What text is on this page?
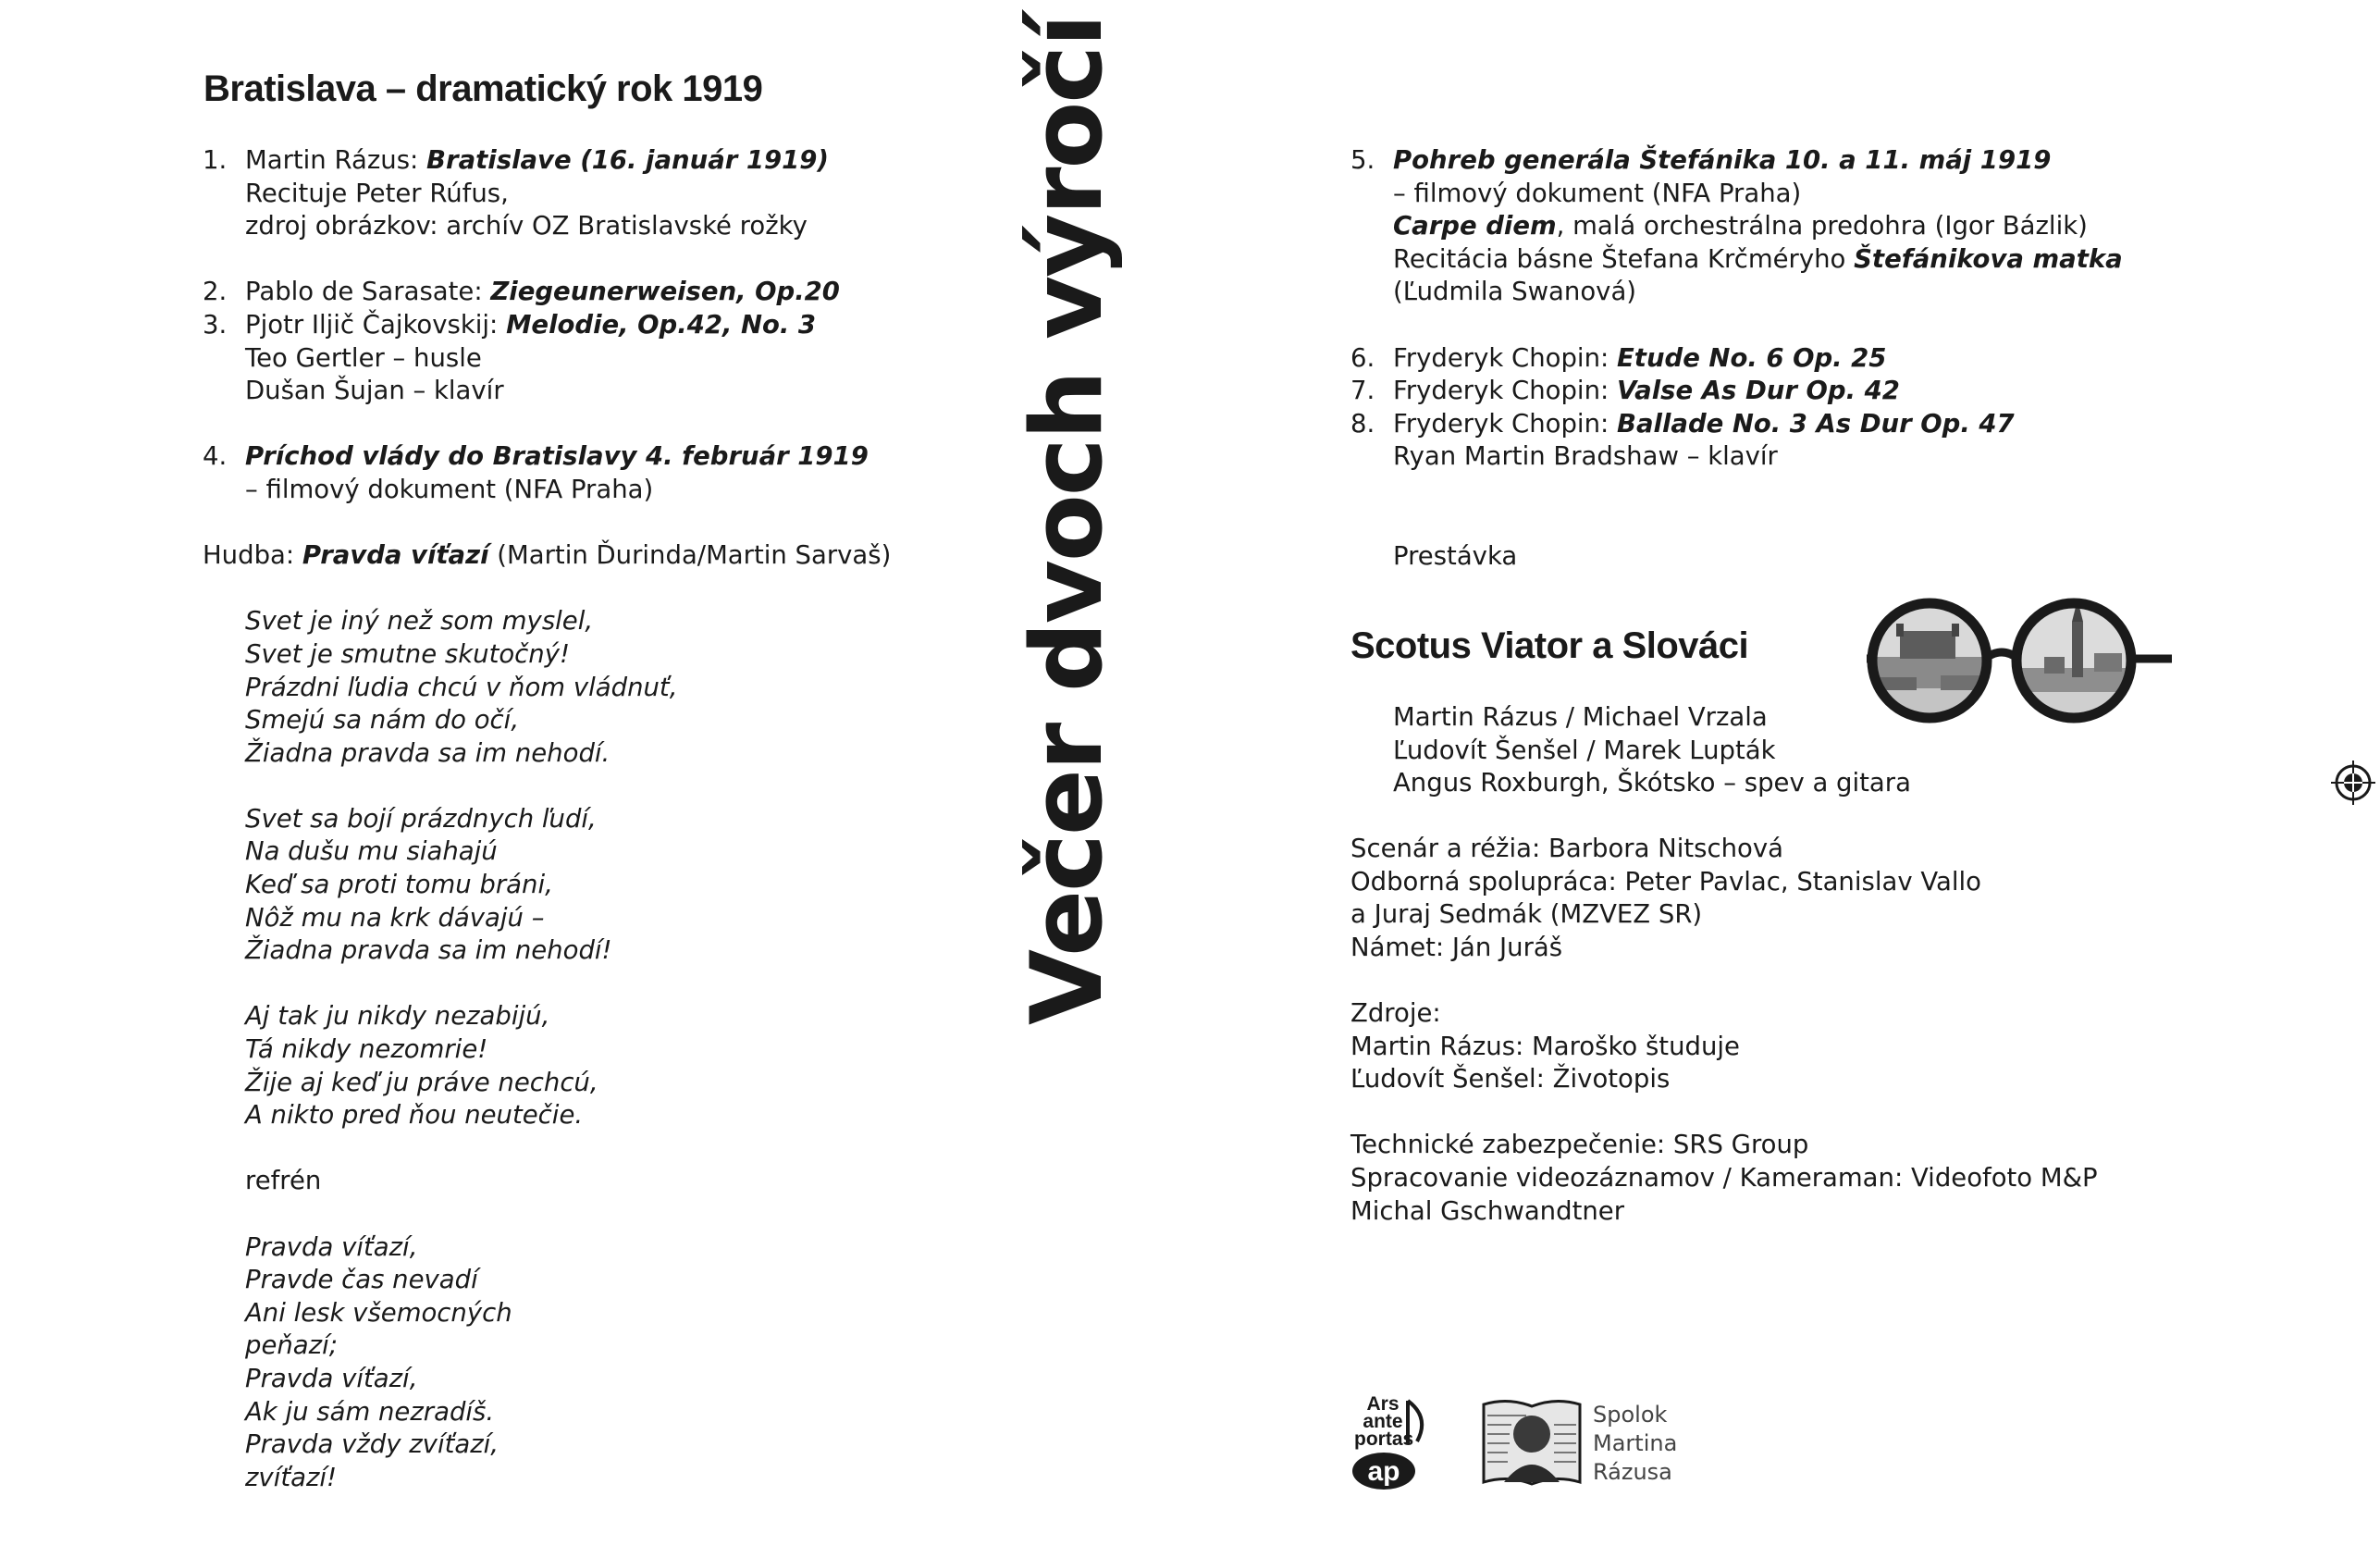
Bratislava – dramatický rok 1919
1. Martin Rázus: Bratislave (16. január 1919)
Recituje Peter Rúfus,
zdroj obrázkov: archív OZ Bratislavské rožky
2. Pablo de Sarasate: Ziegeunerweisen, Op.20
3. Pjotr Iljič Čajkovskij: Melodie, Op.42, No. 3
Teo Gertler – husle
Dušan Šujan – klavír
4. Príchod vlády do Bratislavy 4. február 1919
– filmový dokument (NFA Praha)
Hudba: Pravda víťazí (Martin Ďurinda/Martin Sarvaš)
Svet je iný než som myslel,
Svet je smutne skutočný!
Prázdni ľudia chcú v ňom vládnuť,
Smejú sa nám do očí,
Žiadna pravda sa im nehodí.
Svet sa bojí prázdnych ľudí,
Na dušu mu siahajú
Keď sa proti tomu bráni,
Nôž mu na krk dávajú –
Žiadna pravda sa im nehodí!
Aj tak ju nikdy nezabijú,
Tá nikdy nezomrie!
Žije aj keď ju práve nechcú,
A nikto pred ňou neutečie.
refrén
Pravda víťazí,
Pravde čas nevadí
Ani lesk všemocných
peňazí;
Pravda víťazí,
Ak ju sám nezradíš.
Pravda vždy zvíťazí,
zvíťazí!
Večer dvoch výročí	5. Pohreb generála Štefánika 10. a 11. máj 1919
– filmový dokument (NFA Praha)
Carpe diem, malá orchestrálna predohra (Igor Bázlik)
Recitácia básne Štefana Krčméryho Štefánikova matka
(Ľudmila Swanová)
6. Fryderyk Chopin: Etude No. 6 Op. 25
7. Fryderyk Chopin: Valse As Dur Op. 42
8. Fryderyk Chopin: Ballade No. 3 As Dur Op. 47
Ryan Martin Bradshaw – klavír
Prestávka
Scotus Viator a Slováci
Martin Rázus / Michael Vrzala
Ľudovít Šenšel / Marek Lupták
Angus Roxburgh, Škótsko – spev a gitara
Scenár a réžia: Barbora Nitschová
Odborná spolupráca: Peter Pavlac, Stanislav Vallo
a Juraj Sedmák (MZVEZ SR)
Námet: Ján Juráš
Zdroje:
Martin Rázus: Maroško študuje
Ľudovít Šenšel: Životopis
Technické zabezpečenie: SRS Group
Spracovanie videozáznamov / Kameraman: Videofoto M&P
Michal Gschwandtner
Ars
ante
portas
ap
Spolok
Martina
Rázusa
